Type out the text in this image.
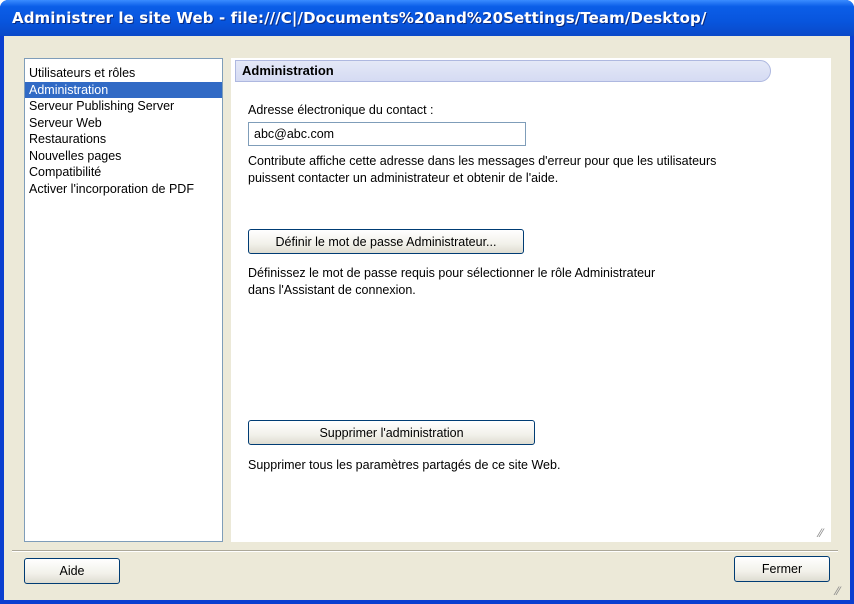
Administrer le site Web - file:///C|/Documents%20and%20Settings/Team/Desktop/
Utilisateurs et rôles
Administration
Serveur Publishing Server
Serveur Web
Restaurations
Nouvelles pages
Compatibilité
Activer l'incorporation de PDF
Administration
Adresse électronique du contact :
abc@abc.com
Contribute affiche cette adresse dans les messages d'erreur pour que les utilisateurs puissent contacter un administrateur et obtenir de l'aide.
Définir le mot de passe Administrateur...
Définissez le mot de passe requis pour sélectionner le rôle Administrateur dans l'Assistant de connexion.
Supprimer l'administration
Supprimer tous les paramètres partagés de ce site Web.
⁄⁄
Aide	Fermer
⁄⁄
